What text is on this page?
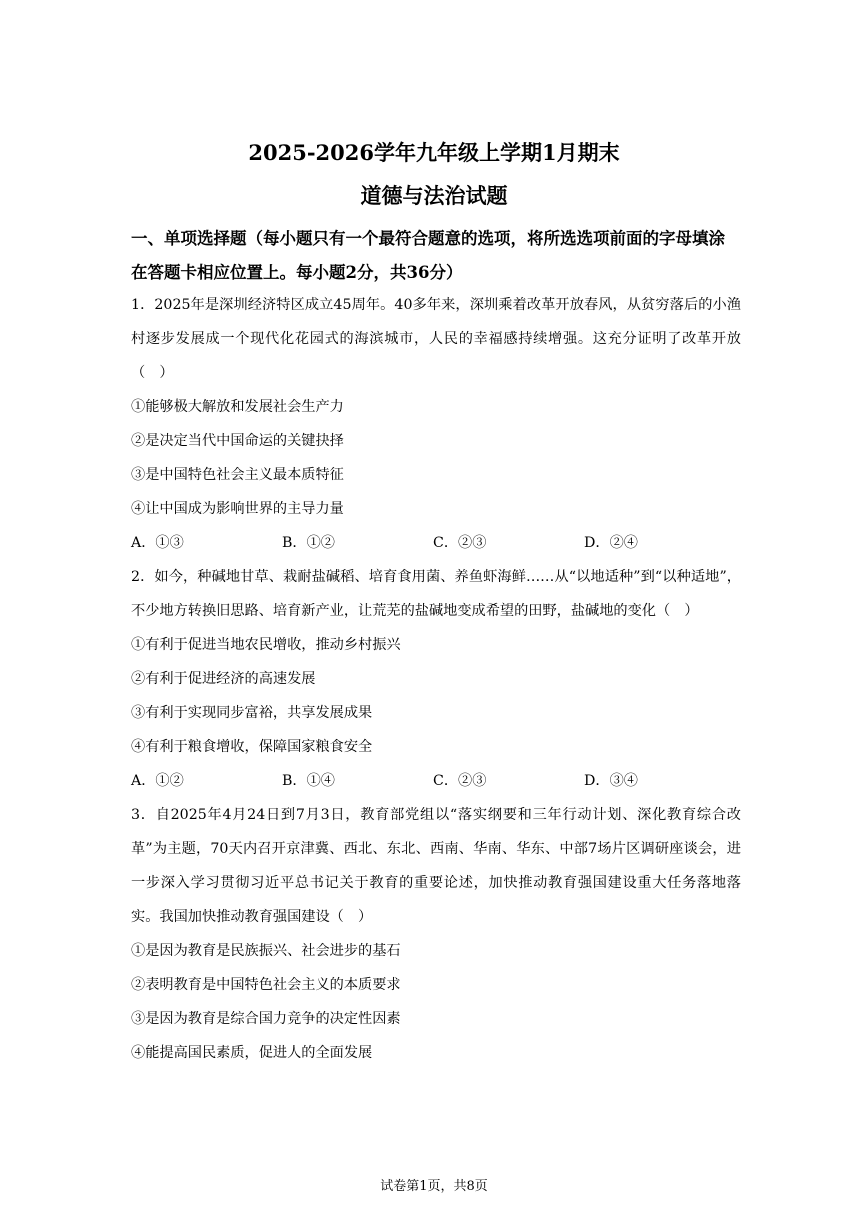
2025-2026学年九年级上学期1月期末
道德与法治试题
一、单项选择题（每小题只有一个最符合题意的选项，将所选选项前面的字母填涂在答题卡相应位置上。每小题2分，共36分）
1．2025年是深圳经济特区成立45周年。40多年来，深圳乘着改革开放春风，从贫穷落后的小渔村逐步发展成一个现代化花园式的海滨城市，人民的幸福感持续增强。这充分证明了改革开放（　）
①能够极大解放和发展社会生产力
②是决定当代中国命运的关键抉择
③是中国特色社会主义最本质特征
④让中国成为影响世界的主导力量
A．①③	B．①②	C．②③	D．②④
2．如今，种碱地甘草、栽耐盐碱稻、培育食用菌、养鱼虾海鲜……从“以地适种”到“以种适地”，不少地方转换旧思路、培育新产业，让荒芜的盐碱地变成希望的田野，盐碱地的变化（　）
①有利于促进当地农民增收，推动乡村振兴
②有利于促进经济的高速发展
③有利于实现同步富裕，共享发展成果
④有利于粮食增收，保障国家粮食安全
A．①②	B．①④	C．②③	D．③④
3．自2025年4月24日到7月3日，教育部党组以“落实纲要和三年行动计划、深化教育综合改革”为主题，70天内召开京津冀、西北、东北、西南、华南、华东、中部7场片区调研座谈会，进一步深入学习贯彻习近平总书记关于教育的重要论述，加快推动教育强国建设重大任务落地落实。我国加快推动教育强国建设（　）
①是因为教育是民族振兴、社会进步的基石
②表明教育是中国特色社会主义的本质要求
③是因为教育是综合国力竞争的决定性因素
④能提高国民素质，促进人的全面发展
试卷第1页，共8页
